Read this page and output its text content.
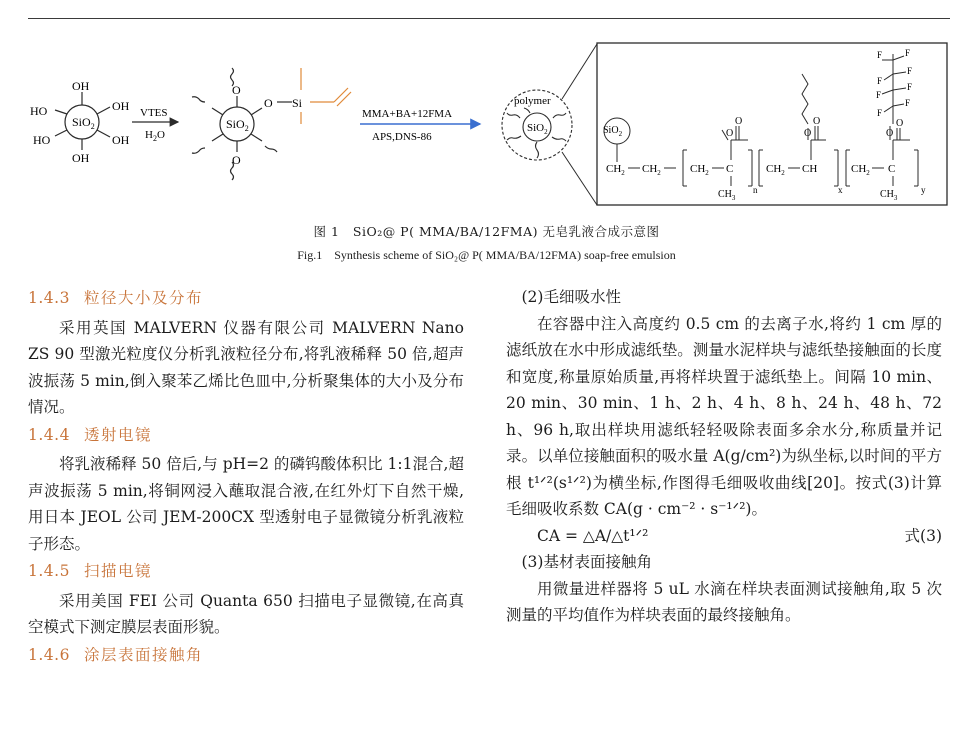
SiO$_2$
OH
OH
OH
OH
HO
HO
VTES
$H_2O$
O
O
O Si
SiO$_2$
MMA+BA+12FMA
APS,DNS-86
polymer
SiO$_2$	SiO$_2$
$CH_2$ $CH_2$	$CH_2$ C
$CH_3$
n
$CH_2$ CH
x
$CH_2$ C
$CH_3$
y
O
O
O
O
O
O
F
F
F
F
F
F
F
F
图 1 SiO₂@ P( MMA/BA/12FMA) 无皂乳液合成示意图
Fig.1 Synthesis scheme of SiO₂@ P( MMA/BA/12FMA) soap-free emulsion

1.4.3 粒径大小及分布

采用英国 MALVERN 仪器有限公司 MALVERN Nano ZS 90 型激光粒度仪分析乳液粒径分布,将乳液稀释 50 倍,超声波振荡 5 min,倒入聚苯乙烯比色皿中,分析聚集体的大小及分布情况。

1.4.4 透射电镜

将乳液稀释 50 倍后,与 pH=2 的磷钨酸体积比 1:1混合,超声波振荡 5 min,将铜网浸入蘸取混合液,在红外灯下自然干燥,用日本 JEOL 公司 JEM-200CX 型透射电子显微镜分析乳液粒子形态。

1.4.5 扫描电镜

采用美国 FEI 公司 Quanta 650 扫描电子显微镜,在高真空模式下测定膜层表面形貌。

1.4.6 涂层表面接触角

(2)毛细吸水性

在容器中注入高度约 0.5 cm 的去离子水,将约 1 cm 厚的滤纸放在水中形成滤纸垫。测量水泥样块与滤纸垫接触面的长度和宽度,称量原始质量,再将样块置于滤纸垫上。间隔 10 min、20 min、30 min、1 h、2 h、4 h、8 h、24 h、48 h、72 h、96 h,取出样块用滤纸轻轻吸除表面多余水分,称质量并记录。以单位接触面积的吸水量 A(g/cm²)为纵坐标,以时间的平方根 t¹ᐟ²(s¹ᐟ²)为横坐标,作图得毛细吸收曲线[20]。按式(3)计算毛细吸收系数 CA(g · cm⁻² · s⁻¹ᐟ²)。

CA = △A/△t¹ᐟ²	式(3)

(3)基材表面接触角

用微量进样器将 5 uL 水滴在样块表面测试接触角,取 5 次测量的平均值作为样块表面的最终接触角。
